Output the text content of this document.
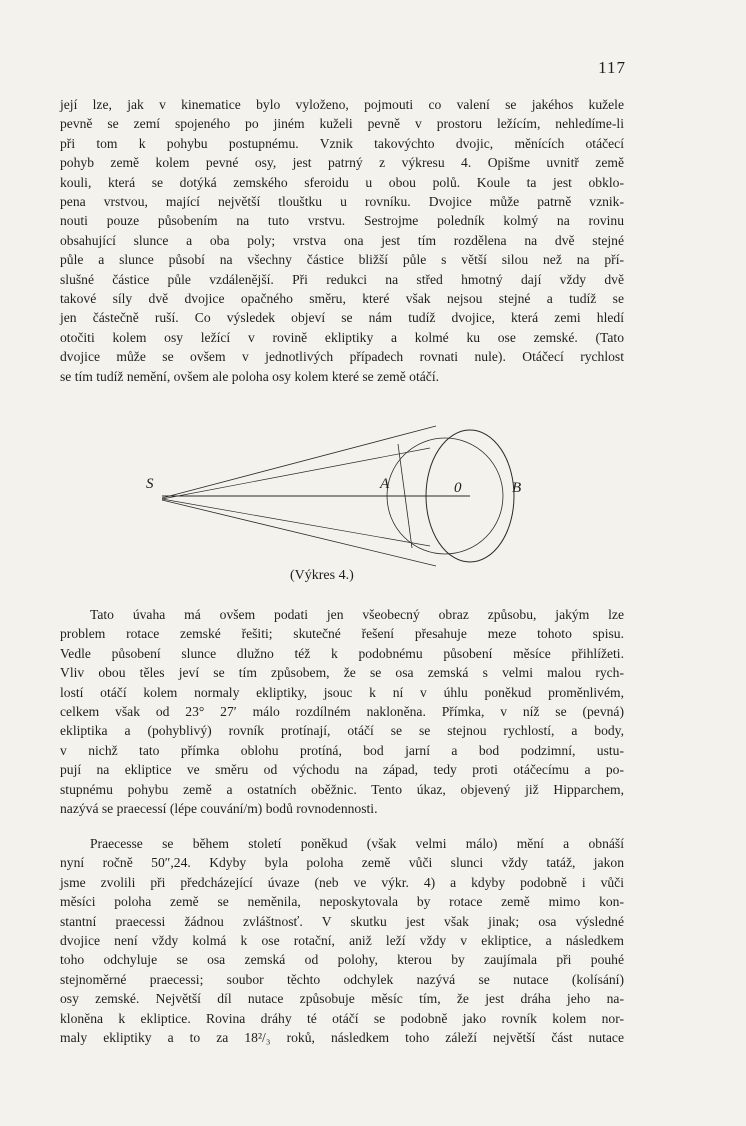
117
její lze, jak v kinematice bylo vyloženo, pojmouti co valení se jakéhos kužele
pevně se zemí spojeného po jiném kuželi pevně v prostoru ležícím, nehledíme-li
při tom k pohybu postupnému. Vznik takovýchto dvojic, měnících otáčecí
pohyb země kolem pevné osy, jest patrný z výkresu 4. Opišme uvnitř země
kouli, která se dotýká zemského sferoidu u obou polů. Koule ta jest obklo-
pena vrstvou, mající největší tlouštku u rovníku. Dvojice může patrně vznik-
nouti pouze působením na tuto vrstvu. Sestrojme poledník kolmý na rovinu
obsahující slunce a oba poly; vrstva ona jest tím rozdělena na dvě stejné
půle a slunce působí na všechny částice bližší půle s větší silou než na pří-
slušné částice půle vzdálenější. Při redukci na střed hmotný dají vždy dvě
takové síly dvě dvojice opačného směru, které však nejsou stejné a tudíž se
jen částečně ruší. Co výsledek objeví se nám tudíž dvojice, která zemi hledí
otočiti kolem osy ležící v rovině ekliptiky a kolmé ku ose zemské. (Tato
dvojice může se ovšem v jednotlivých případech rovnati nule). Otáčecí rychlost
se tím tudíž nemění, ovšem ale poloha osy kolem které se země otáčí.
S	A	0	B
(Výkres 4.)
Tato úvaha má ovšem podati jen všeobecný obraz způsobu, jakým lze
problem rotace zemské řešiti; skutečné řešení přesahuje meze tohoto spisu.
Vedle působení slunce dlužno též k podobnému působení měsíce přihlížeti.
Vliv obou těles jeví se tím způsobem, že se osa zemská s velmi malou rych-
lostí otáčí kolem normaly ekliptiky, jsouc k ní v úhlu poněkud proměnlivém,
celkem však od 23° 27′ málo rozdílném nakloněna. Přímka, v níž se (pevná)
ekliptika a (pohyblivý) rovník protínají, otáčí se se stejnou rychlostí, a body,
v nichž tato přímka oblohu protíná, bod jarní a bod podzimní, ustu-
pují na ekliptice ve směru od východu na západ, tedy proti otáčecímu a po-
stupnému pohybu země a ostatních oběžnic. Tento úkaz, objevený již Hipparchem,
nazývá se praecessí (lépe couvání/m) bodů rovnodennosti.
Praecesse se během století poněkud (však velmi málo) mění a obnáší
nyní ročně 50″,24. Kdyby byla poloha země vůči slunci vždy tatáž, jakon
jsme zvolili při předcházející úvaze (neb ve výkr. 4) a kdyby podobně i vůči
měsíci poloha země se neměnila, neposkytovala by rotace země mimo kon-
stantní praecessi žádnou zvláštnosť. V skutku jest však jinak; osa výsledné
dvojice není vždy kolmá k ose rotační, aniž leží vždy v ekliptice, a následkem
toho odchyluje se osa zemská od polohy, kterou by zaujímala při pouhé
stejnoměrné praecessi; soubor těchto odchylek nazývá se nutace (kolísání)
osy zemské. Největší díl nutace způsobuje měsíc tím, že jest dráha jeho na-
kloněna k ekliptice. Rovina dráhy té otáčí se podobně jako rovník kolem nor-
maly ekliptiky a to za 18²/₃ roků, následkem toho záleží největší část nutace
